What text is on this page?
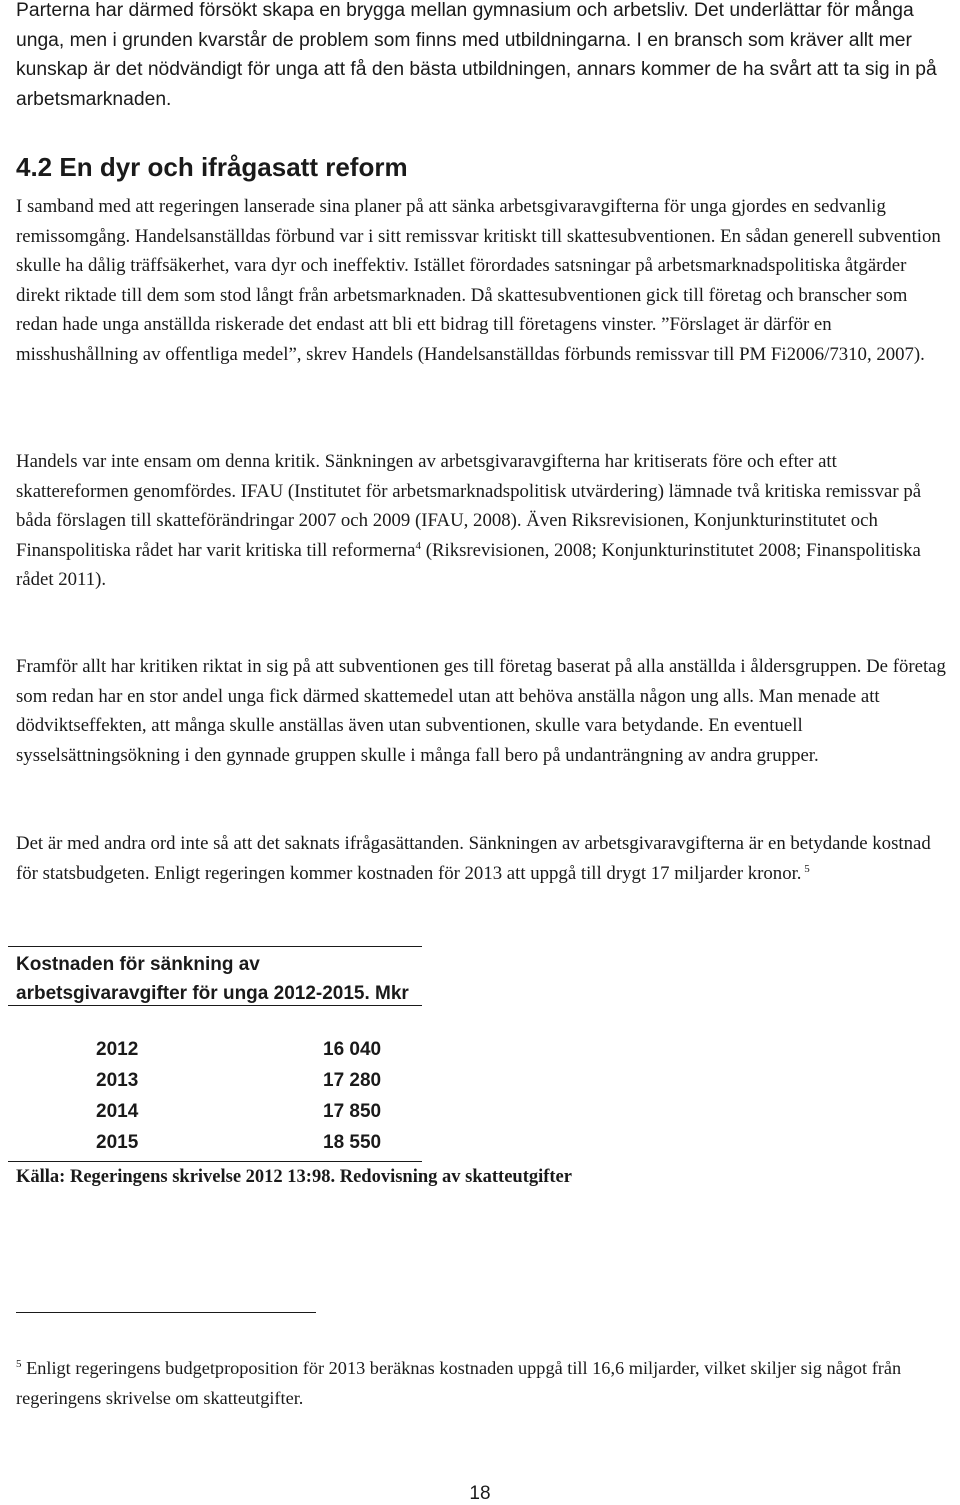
Parterna har därmed försökt skapa en brygga mellan gymnasium och arbetsliv. Det underlättar för många unga, men i grunden kvarstår de problem som finns med utbildningarna. I en bransch som kräver allt mer kunskap är det nödvändigt för unga att få den bästa utbildningen, annars kommer de ha svårt att ta sig in på arbetsmarknaden.

4.2 En dyr och ifrågasatt reform

I samband med att regeringen lanserade sina planer på att sänka arbetsgivaravgifterna för unga gjordes en sedvanlig remissomgång. Handelsanställdas förbund var i sitt remissvar kritiskt till skattesubventionen. En sådan generell subvention skulle ha dålig träffsäkerhet, vara dyr och ineffektiv. Istället förordades satsningar på arbetsmarknadspolitiska åtgärder direkt riktade till dem som stod långt från arbetsmarknaden. Då skattesubventionen gick till företag och branscher som redan hade unga anställda riskerade det endast att bli ett bidrag till företagens vinster. ”Förslaget är därför en misshushållning av offentliga medel”, skrev Handels (Handelsanställdas förbunds remissvar till PM Fi2006/7310, 2007).

Handels var inte ensam om denna kritik. Sänkningen av arbetsgivaravgifterna har kritiserats före och efter att skattereformen genomfördes. IFAU (Institutet för arbetsmarknadspolitisk utvärdering) lämnade två kritiska remissvar på båda förslagen till skatteförändringar 2007 och 2009 (IFAU, 2008). Även Riksrevisionen, Konjunkturinstitutet och Finanspolitiska rådet har varit kritiska till reformerna$^4$ (Riksrevisionen, 2008; Konjunkturinstitutet 2008; Finanspolitiska rådet 2011).

Framför allt har kritiken riktat in sig på att subventionen ges till företag baserat på alla anställda i åldersgruppen. De företag som redan har en stor andel unga fick därmed skattemedel utan att behöva anställa någon ung alls. Man menade att dödviktseffekten, att många skulle anställas även utan subventionen, skulle vara betydande. En eventuell sysselsättningsökning i den gynnade gruppen skulle i många fall bero på undanträngning av andra grupper.

Det är med andra ord inte så att det saknats ifrågasättanden. Sänkningen av arbetsgivaravgifterna är en betydande kostnad för statsbudgeten. Enligt regeringen kommer kostnaden för 2013 att uppgå till drygt 17 miljarder kronor. $^5$

Kostnaden för sänkning av arbetsgivaravgifter för unga 2012-2015. Mkr

2012	16 040
2013	17 280
2014	17 850
2015	18 550

Källa: Regeringens skrivelse 2012 13:98. Redovisning av skatteutgifter

$^5$ Enligt regeringens budgetproposition för 2013 beräknas kostnaden uppgå till 16,6 miljarder, vilket skiljer sig något från regeringens skrivelse om skatteutgifter.

18
